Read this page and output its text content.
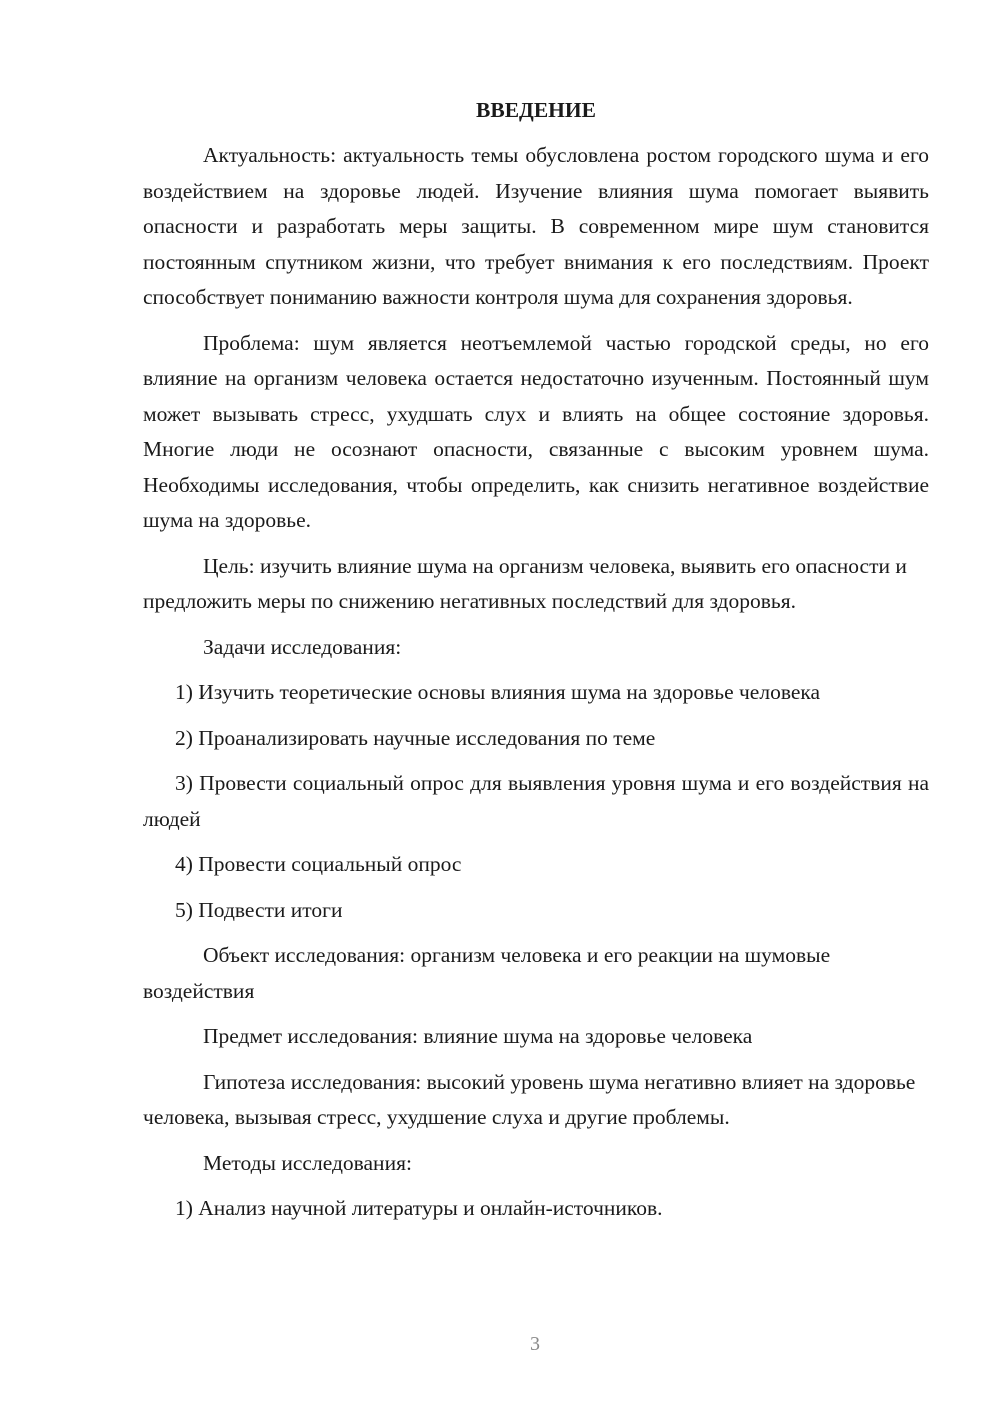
ВВЕДЕНИЕ

Актуальность: актуальность темы обусловлена ростом городского шума и его воздействием на здоровье людей. Изучение влияния шума помогает выявить опасности и разработать меры защиты. В современном мире шум становится постоянным спутником жизни, что требует внимания к его последствиям. Проект способствует пониманию важности контроля шума для сохранения здоровья.

Проблема: шум является неотъемлемой частью городской среды, но его влияние на организм человека остается недостаточно изученным. Постоянный шум может вызывать стресс, ухудшать слух и влиять на общее состояние здоровья. Многие люди не осознают опасности, связанные с высоким уровнем шума. Необходимы исследования, чтобы определить, как снизить негативное воздействие шума на здоровье.

Цель: изучить влияние шума на организм человека, выявить его опасности и предложить меры по снижению негативных последствий для здоровья.

Задачи исследования:

1) Изучить теоретические основы влияния шума на здоровье человека

2) Проанализировать научные исследования по теме

3) Провести социальный опрос для выявления уровня шума и его воздействия на людей

4) Провести социальный опрос

5) Подвести итоги

Объект исследования: организм человека и его реакции на шумовые воздействия

Предмет исследования: влияние шума на здоровье человека

Гипотеза исследования: высокий уровень шума негативно влияет на здоровье человека, вызывая стресс, ухудшение слуха и другие проблемы.

Методы исследования:

1) Анализ научной литературы и онлайн-источников.

3
